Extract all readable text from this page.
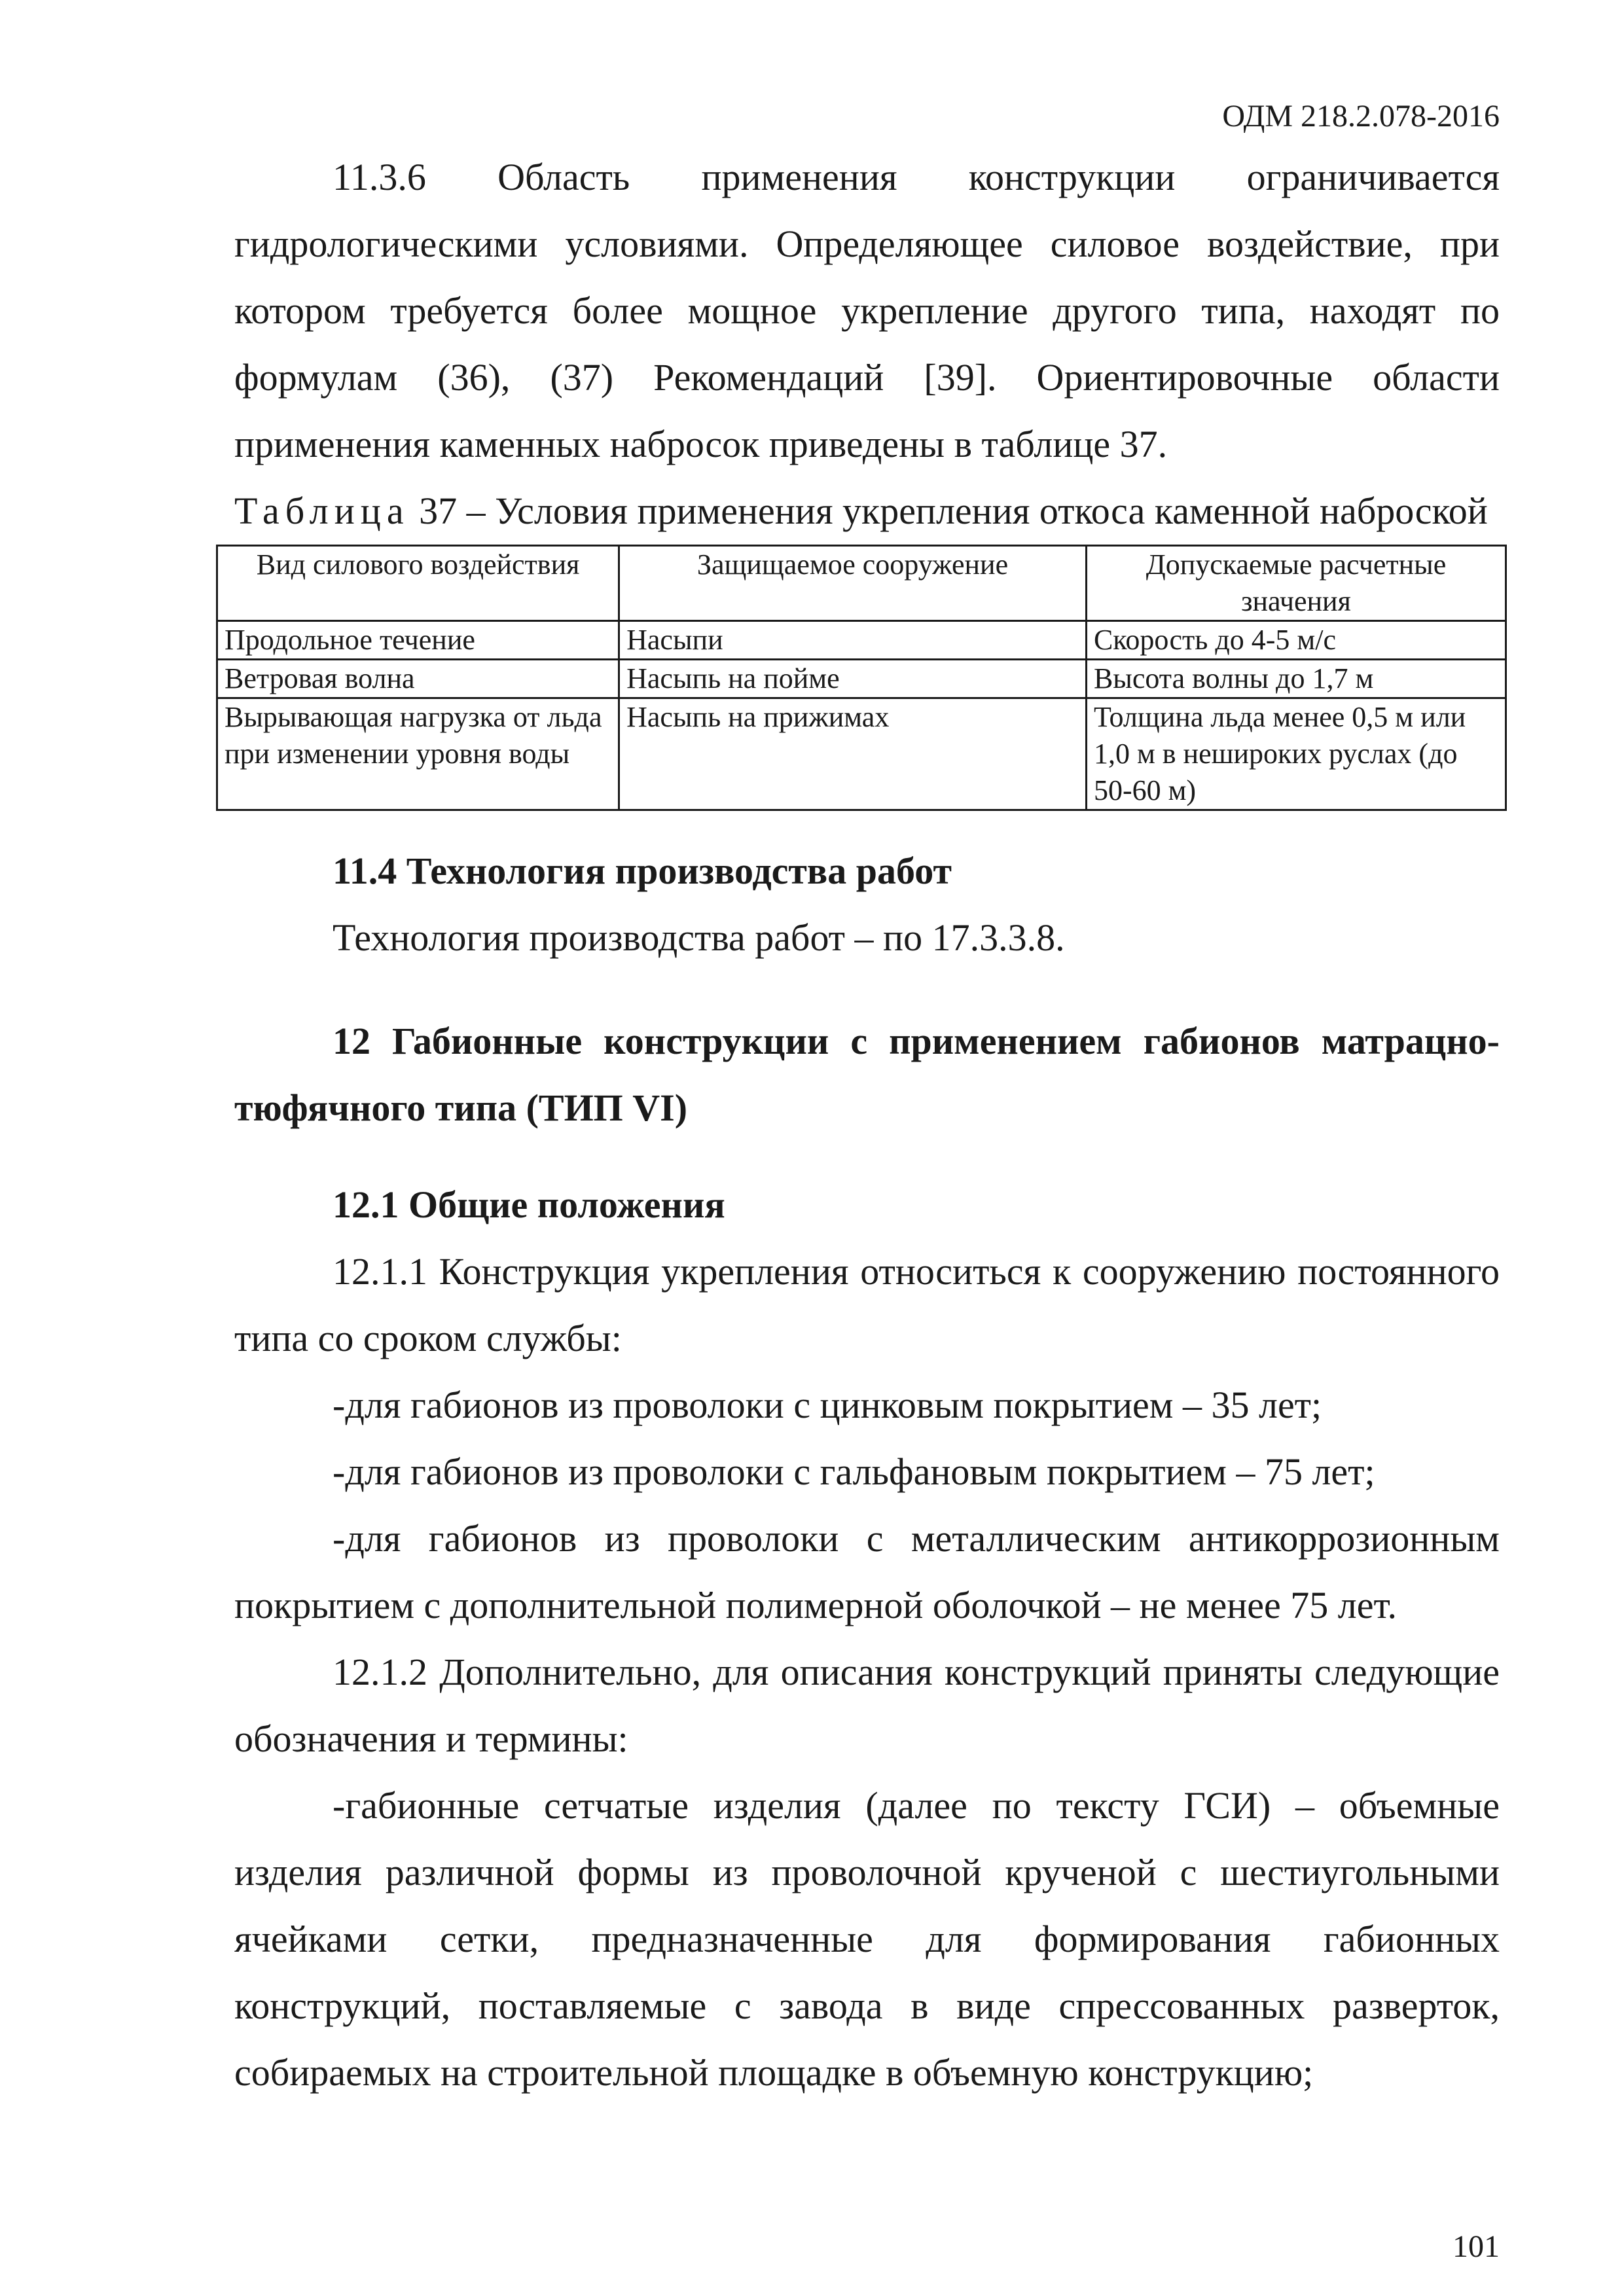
ОДМ 218.2.078-2016

11.3.6 Область применения конструкции ограничивается гидрологическими условиями. Определяющее силовое воздействие, при котором требуется более мощное укрепление другого типа, находят по формулам (36), (37) Рекомендаций [39]. Ориентировочные области применения каменных набросок приведены в таблице 37.

Таблица 37 – Условия применения укрепления откоса каменной наброской
Вид силового воздействия	Защищаемое сооружение	Допускаемые расчетные значения
Продольное течение	Насыпи	Скорость до 4-5 м/с
Ветровая волна	Насыпь на пойме	Высота волны до 1,7 м
Вырывающая нагрузка от льда при изменении уровня воды	Насыпь на прижимах	Толщина льда менее 0,5 м или 1,0 м в неширoких руслах (до 50-60 м)

11.4 Технология производства работ

Технология производства работ – по 17.3.3.8.

12 Габионные конструкции с применением габионов матрацно-тюфячного типа (ТИП VI)

12.1 Общие положения

12.1.1 Конструкция укрепления относиться к сооружению постоянного типа со сроком службы:

-для габионов из проволоки с цинковым покрытием – 35 лет;

-для габионов из проволоки с гальфановым покрытием – 75 лет;

-для габионов из проволоки с металлическим антикоррозионным покрытием с дополнительной полимерной оболочкой – не менее 75 лет.

12.1.2 Дополнительно, для описания конструкций приняты следующие обозначения и термины:

-габионные сетчатые изделия (далее по тексту ГСИ) – объемные изделия различной формы из проволочной крученой с шестиугольными ячейками сетки, предназначенные для формирования габионных конструкций, поставляемые с завода в виде спрессованных разверток, собираемых на строительной площадке в объемную конструкцию;

101
